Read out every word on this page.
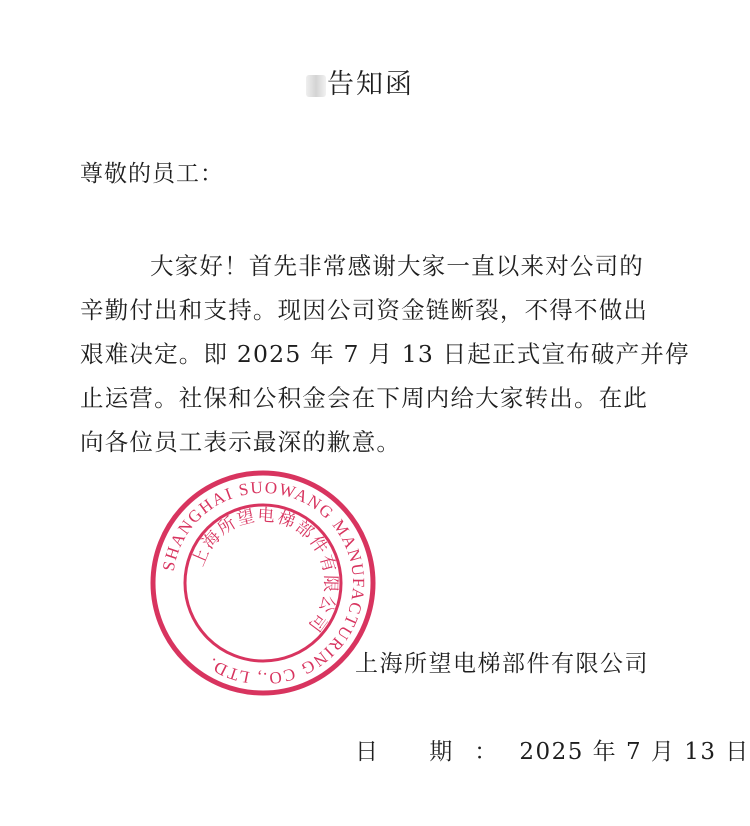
告知函
尊敬的员工：
大家好！首先非常感谢大家一直以来对公司的
辛勤付出和支持。现因公司资金链断裂，不得不做出
艰难决定。即 2025 年 7 月 13 日起正式宣布破产并停
止运营。社保和公积金会在下周内给大家转出。在此
向各位员工表示最深的歉意。
SHANGHAI SUOWANG MANUFACTURING CO., LTD.
上海所望电梯部件有限公司
上海所望电梯部件有限公司
日 期：2025 年 7 月 13 日
